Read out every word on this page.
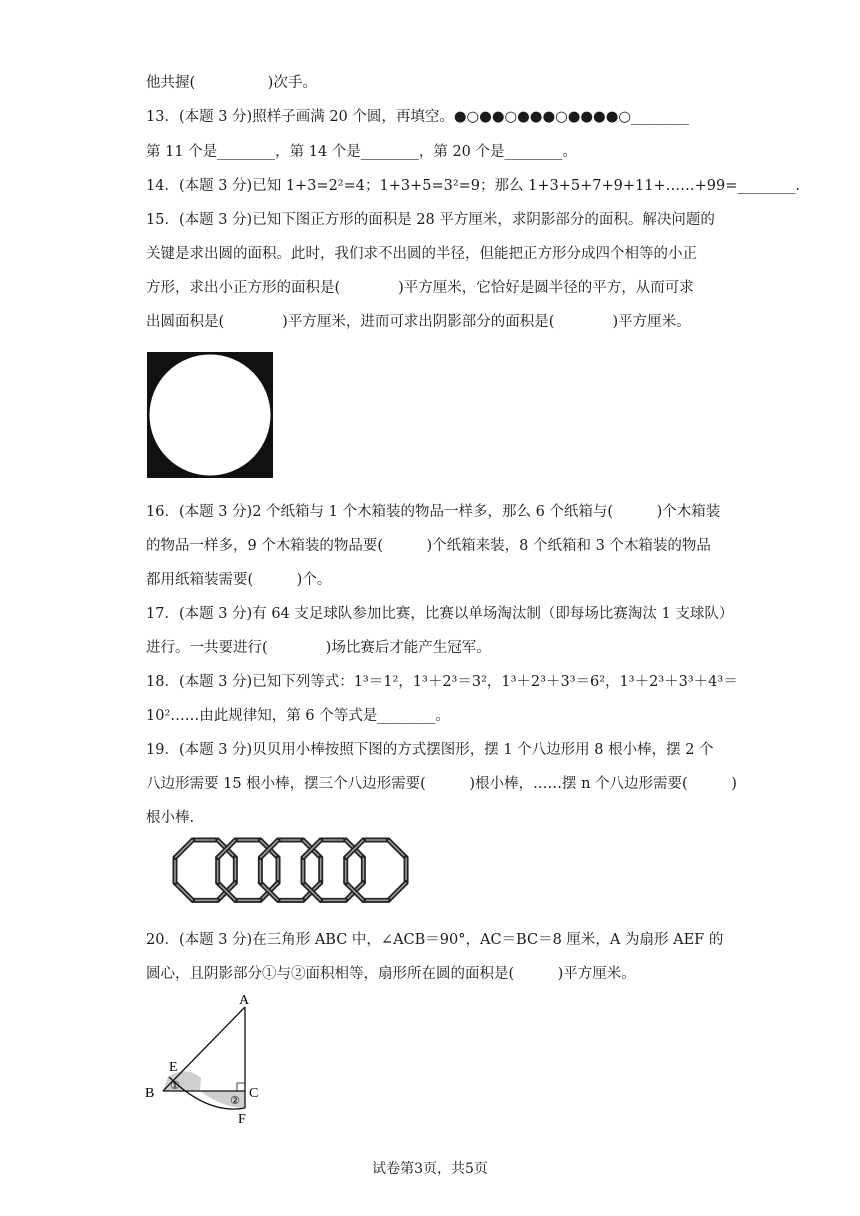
他共握(　　　　　)次手。
13．(本题 3 分)照样子画满 20 个圆，再填空。●○●●○●●●○●●●●○________
第 11 个是________，第 14 个是________，第 20 个是________。
14．(本题 3 分)已知 1+3=2²=4；1+3+5=3²=9；那么 1+3+5+7+9+11+……+99=________.
15．(本题 3 分)已知下图正方形的面积是 28 平方厘米，求阴影部分的面积。解决问题的
关键是求出圆的面积。此时，我们求不出圆的半径，但能把正方形分成四个相等的小正
方形，求出小正方形的面积是(　　　　)平方厘米，它恰好是圆半径的平方，从而可求
出圆面积是(　　　　)平方厘米，进而可求出阴影部分的面积是(　　　　)平方厘米。
16．(本题 3 分)2 个纸箱与 1 个木箱装的物品一样多，那么 6 个纸箱与(　　　)个木箱装
的物品一样多，9 个木箱装的物品要(　　　)个纸箱来装，8 个纸箱和 3 个木箱装的物品
都用纸箱装需要(　　　)个。
17．(本题 3 分)有 64 支足球队参加比赛，比赛以单场淘汰制（即每场比赛淘汰 1 支球队）
进行。一共要进行(　　　　)场比赛后才能产生冠军。
18．(本题 3 分)已知下列等式：1³＝1²，1³＋2³＝3²，1³＋2³＋3³＝6²，1³＋2³＋3³＋4³＝
10²……由此规律知，第 6 个等式是________。
19．(本题 3 分)贝贝用小棒按照下图的方式摆图形，摆 1 个八边形用 8 根小棒，摆 2 个
八边形需要 15 根小棒，摆三个八边形需要(　　　)根小棒，……摆 n 个八边形需要(　　　)
根小棒.
20．(本题 3 分)在三角形 ABC 中，∠ACB＝90°，AC＝BC＝8 厘米，A 为扇形 AEF 的
圆心，且阴影部分①与②面积相等，扇形所在圆的面积是(　　　)平方厘米。
A
B	C
E
F
①
②
试卷第3页，共5页
